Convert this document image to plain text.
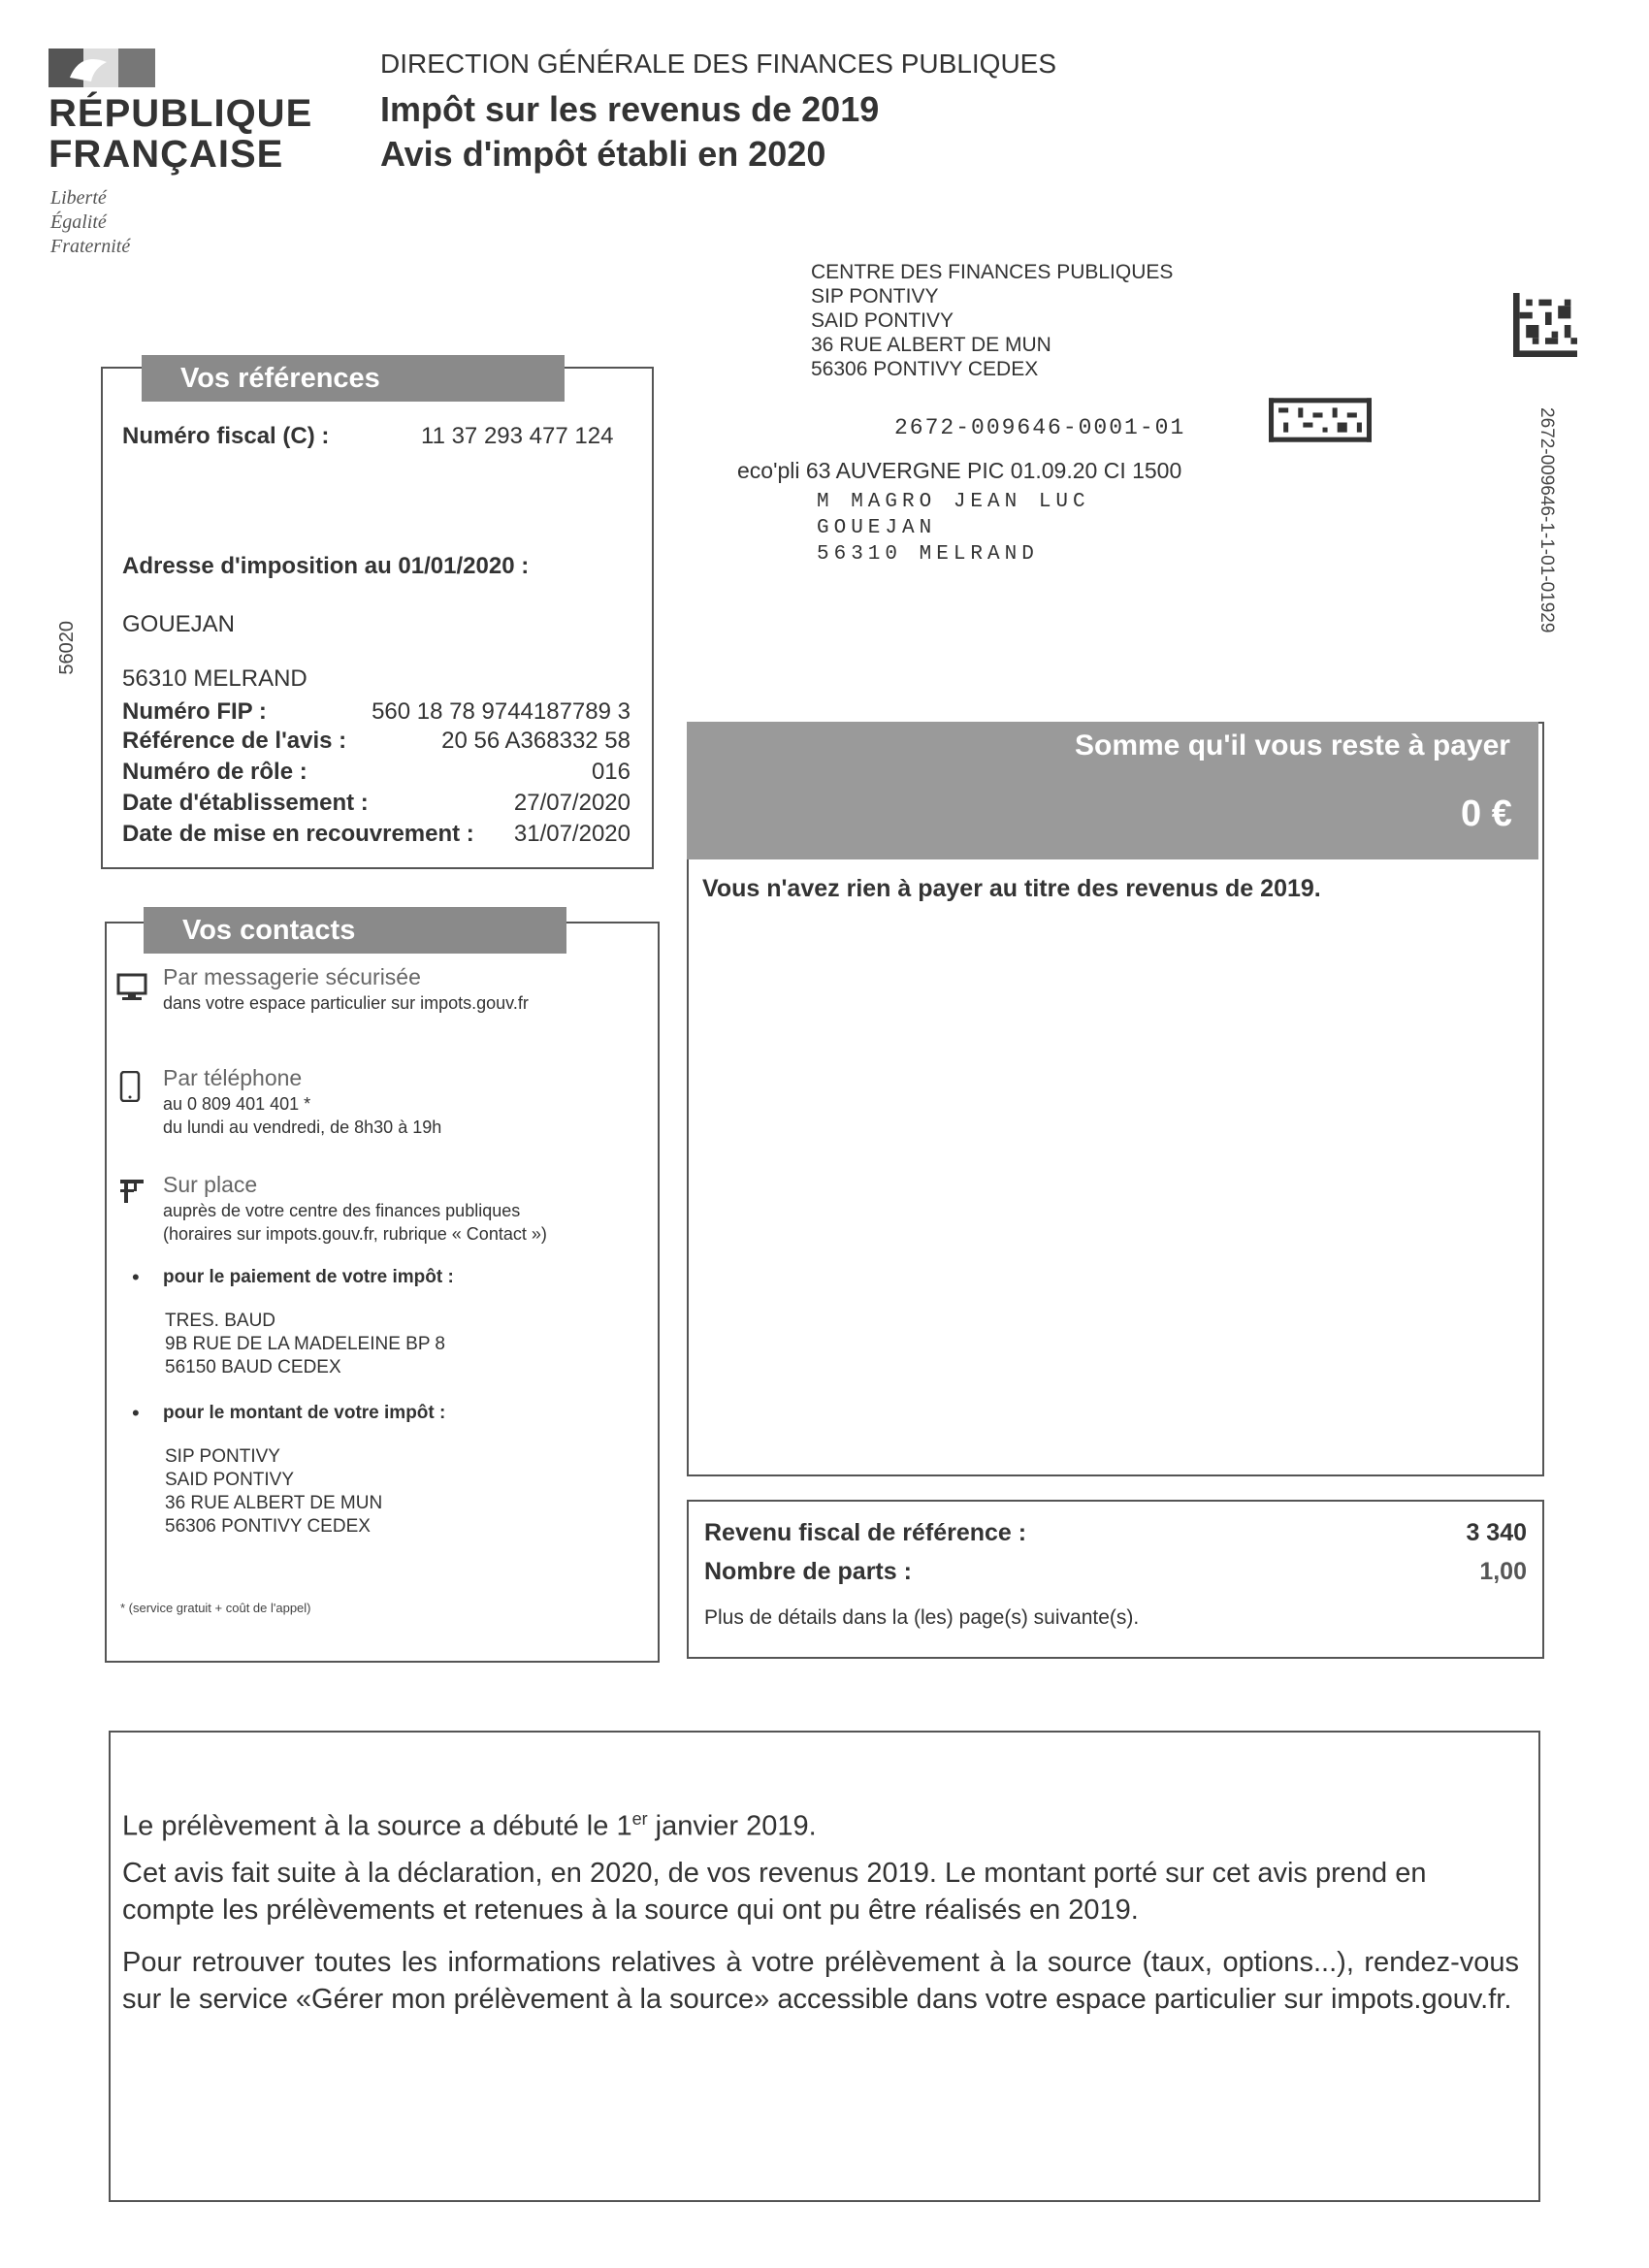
RÉPUBLIQUE
FRANÇAISE
Liberté
Égalité
Fraternité
DIRECTION GÉNÉRALE DES FINANCES PUBLIQUES
Impôt sur les revenus de 2019
Avis d'impôt établi en 2020
CENTRE DES FINANCES PUBLIQUES
SIP PONTIVY
SAID PONTIVY
36 RUE ALBERT DE MUN
56306 PONTIVY CEDEX
2672-009646-0001-01
eco'pli 63 AUVERGNE PIC 01.09.20 CI 1500
M MAGRO JEAN LUC
GOUEJAN
56310 MELRAND	2672-009646-1-1-01-01929
56020
Vos références
Numéro fiscal (C) :	11 37 293 477 124
Adresse d'imposition au 01/01/2020 :
GOUEJAN
56310 MELRAND
Numéro FIP :	560 18 78 9744187789 3
Référence de l'avis :	20 56 A368332 58
Numéro de rôle :	016
Date d'établissement :	27/07/2020
Date de mise en recouvrement :	31/07/2020
Vos contacts
Par messagerie sécurisée
dans votre espace particulier sur impots.gouv.fr
Par téléphone
au 0 809 401 401 *
du lundi au vendredi, de 8h30 à 19h
Sur place
auprès de votre centre des finances publiques
(horaires sur impots.gouv.fr, rubrique « Contact »)
• pour le paiement de votre impôt :
TRES. BAUD
9B RUE DE LA MADELEINE BP 8
56150 BAUD CEDEX
• pour le montant de votre impôt :
SIP PONTIVY
SAID PONTIVY
36 RUE ALBERT DE MUN
56306 PONTIVY CEDEX
* (service gratuit + coût de l'appel)
Somme qu'il vous reste à payer
0 €
Vous n'avez rien à payer au titre des revenus de 2019.
Revenu fiscal de référence :	3 340
Nombre de parts :	1,00
Plus de détails dans la (les) page(s) suivante(s).
Le prélèvement à la source a débuté le 1er janvier 2019.
Cet avis fait suite à la déclaration, en 2020, de vos revenus 2019. Le montant porté sur cet avis prend en compte les prélèvements et retenues à la source qui ont pu être réalisés en 2019.
Pour retrouver toutes les informations relatives à votre prélèvement à la source (taux, options...), rendez-vous sur le service «Gérer mon prélèvement à la source» accessible dans votre espace particulier sur impots.gouv.fr.
